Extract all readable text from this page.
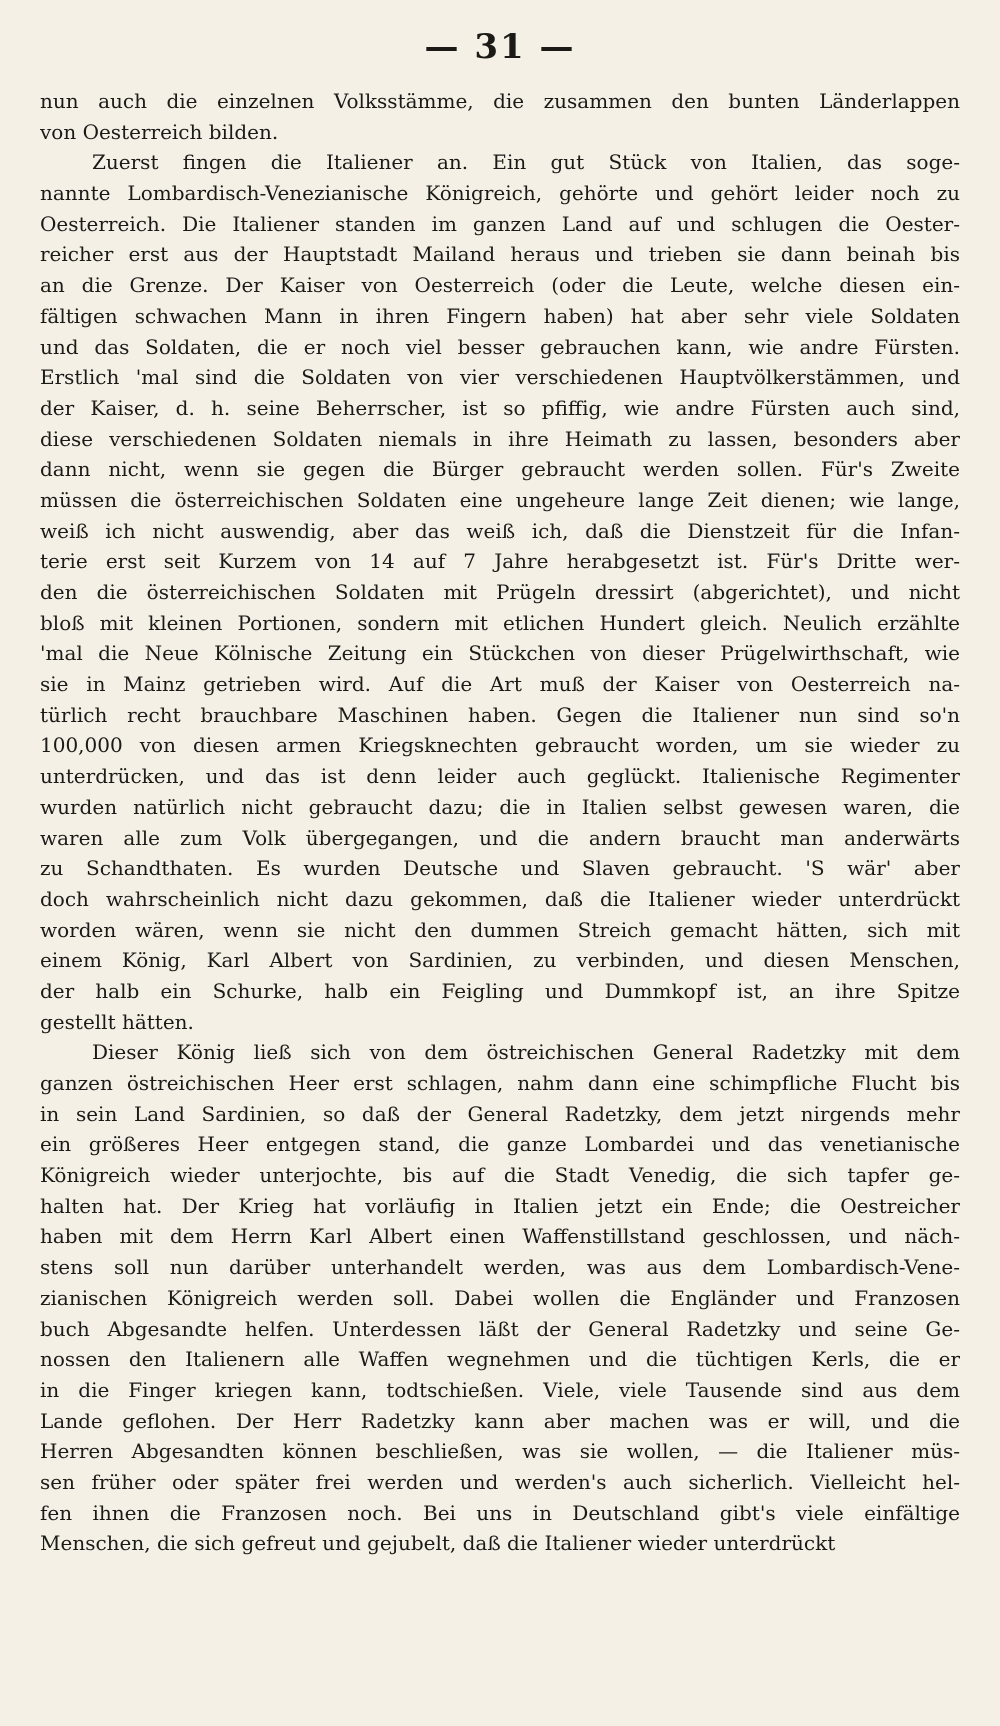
— 31 —
nun auch die einzelnen Volksstämme, die zusammen den bunten Länderlappen
von Oesterreich bilden.
Zuerst fingen die Italiener an. Ein gut Stück von Italien, das soge-
nannte Lombardisch-Venezianische Königreich, gehörte und gehört leider noch zu
Oesterreich. Die Italiener standen im ganzen Land auf und schlugen die Oester-
reicher erst aus der Hauptstadt Mailand heraus und trieben sie dann beinah bis
an die Grenze. Der Kaiser von Oesterreich (oder die Leute, welche diesen ein-
fältigen schwachen Mann in ihren Fingern haben) hat aber sehr viele Soldaten
und das Soldaten, die er noch viel besser gebrauchen kann, wie andre Fürsten.
Erstlich 'mal sind die Soldaten von vier verschiedenen Hauptvölkerstämmen, und
der Kaiser, d. h. seine Beherrscher, ist so pfiffig, wie andre Fürsten auch sind,
diese verschiedenen Soldaten niemals in ihre Heimath zu lassen, besonders aber
dann nicht, wenn sie gegen die Bürger gebraucht werden sollen. Für's Zweite
müssen die österreichischen Soldaten eine ungeheure lange Zeit dienen; wie lange,
weiß ich nicht auswendig, aber das weiß ich, daß die Dienstzeit für die Infan-
terie erst seit Kurzem von 14 auf 7 Jahre herabgesetzt ist. Für's Dritte wer-
den die österreichischen Soldaten mit Prügeln dressirt (abgerichtet), und nicht
bloß mit kleinen Portionen, sondern mit etlichen Hundert gleich. Neulich erzählte
'mal die Neue Kölnische Zeitung ein Stückchen von dieser Prügelwirthschaft, wie
sie in Mainz getrieben wird. Auf die Art muß der Kaiser von Oesterreich na-
türlich recht brauchbare Maschinen haben. Gegen die Italiener nun sind so'n
100,000 von diesen armen Kriegsknechten gebraucht worden, um sie wieder zu
unterdrücken, und das ist denn leider auch geglückt. Italienische Regimenter
wurden natürlich nicht gebraucht dazu; die in Italien selbst gewesen waren, die
waren alle zum Volk übergegangen, und die andern braucht man anderwärts
zu Schandthaten. Es wurden Deutsche und Slaven gebraucht. 'S wär' aber
doch wahrscheinlich nicht dazu gekommen, daß die Italiener wieder unterdrückt
worden wären, wenn sie nicht den dummen Streich gemacht hätten, sich mit
einem König, Karl Albert von Sardinien, zu verbinden, und diesen Menschen,
der halb ein Schurke, halb ein Feigling und Dummkopf ist, an ihre Spitze
gestellt hätten.
Dieser König ließ sich von dem östreichischen General Radetzky mit dem
ganzen östreichischen Heer erst schlagen, nahm dann eine schimpfliche Flucht bis
in sein Land Sardinien, so daß der General Radetzky, dem jetzt nirgends mehr
ein größeres Heer entgegen stand, die ganze Lombardei und das venetianische
Königreich wieder unterjochte, bis auf die Stadt Venedig, die sich tapfer ge-
halten hat. Der Krieg hat vorläufig in Italien jetzt ein Ende; die Oestreicher
haben mit dem Herrn Karl Albert einen Waffenstillstand geschlossen, und näch-
stens soll nun darüber unterhandelt werden, was aus dem Lombardisch-Vene-
zianischen Königreich werden soll. Dabei wollen die Engländer und Franzosen
buch Abgesandte helfen. Unterdessen läßt der General Radetzky und seine Ge-
nossen den Italienern alle Waffen wegnehmen und die tüchtigen Kerls, die er
in die Finger kriegen kann, todtschießen. Viele, viele Tausende sind aus dem
Lande geflohen. Der Herr Radetzky kann aber machen was er will, und die
Herren Abgesandten können beschließen, was sie wollen, — die Italiener müs-
sen früher oder später frei werden und werden's auch sicherlich. Vielleicht hel-
fen ihnen die Franzosen noch. Bei uns in Deutschland gibt's viele einfältige
Menschen, die sich gefreut und gejubelt, daß die Italiener wieder unterdrückt
